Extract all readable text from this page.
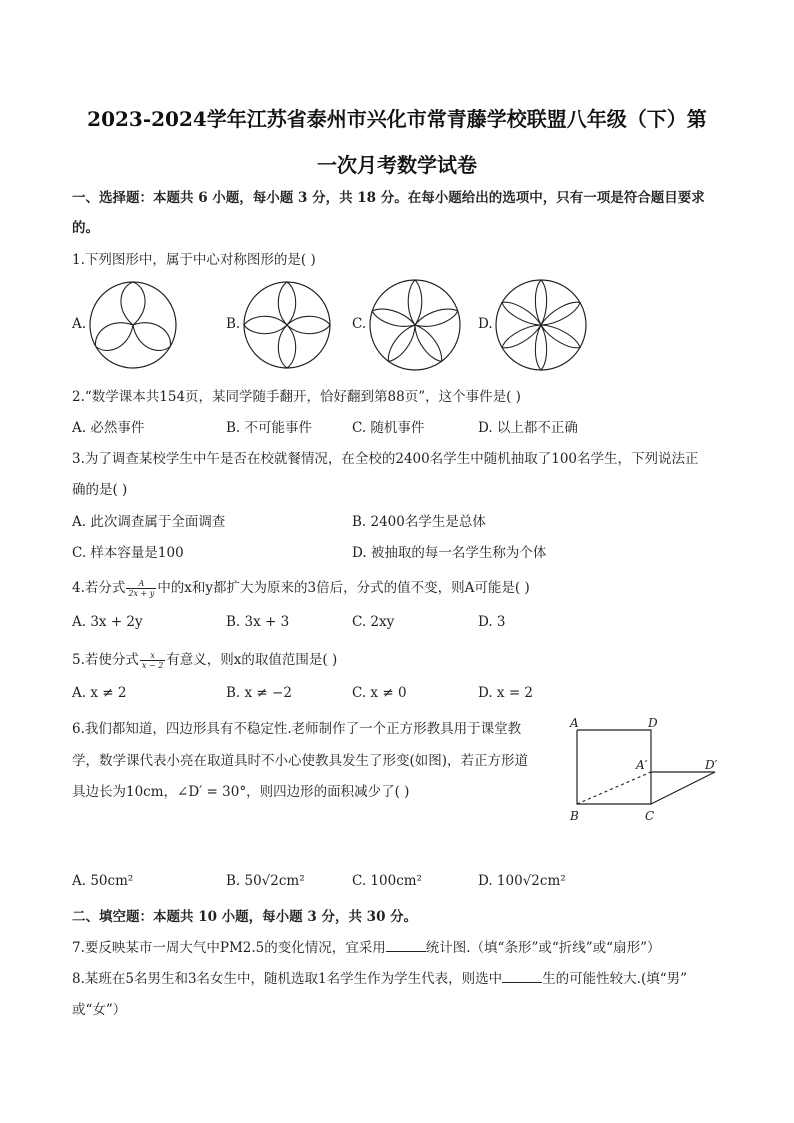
2023-2024学年江苏省泰州市兴化市常青藤学校联盟八年级（下）第
一次月考数学试卷
一、选择题：本题共 6 小题，每小题 3 分，共 18 分。在每小题给出的选项中，只有一项是符合题目要求
的。
1.下列图形中，属于中心对称图形的是( )
A.	B.	C.	D.
2.“数学课本共154页，某同学随手翻开，恰好翻到第88页”，这个事件是( )
A. 必然事件	B. 不可能事件	C. 随机事件	D. 以上都不正确
3.为了调查某校学生中午是否在校就餐情况，在全校的2400名学生中随机抽取了100名学生，下列说法正
确的是( )
A. 此次调查属于全面调查	B. 2400名学生是总体
C. 样本容量是100	D. 被抽取的每一名学生称为个体
4.若分式 $\frac{A}{2x + y}$ 中的x和y都扩大为原来的3倍后，分式的值不变，则A可能是( )
A. 3x + 2y	B. 3x + 3	C. 2xy	D. 3
5.若使分式 $\frac{x}{x - 2}$ 有意义，则x的取值范围是( )
A. x ≠ 2	B. x ≠ −2	C. x ≠ 0	D. x = 2
6.我们都知道，四边形具有不稳定性.老师制作了一个正方形教具用于课堂教
学，数学课代表小亮在取道具时不小心使教具发生了形变(如图)，若正方形道
具边长为10cm，∠D′ = 30°，则四边形的面积减少了( )
A	D
A′	D′
B	C
A. 50cm²	B. 50√2cm²	C. 100cm²	D. 100√2cm²
二、填空题：本题共 10 小题，每小题 3 分，共 30 分。
7.要反映某市一周大气中PM2.5的变化情况，宜采用	统计图.（填“条形”或“折线”或“扇形”）
8.某班在5名男生和3名女生中，随机选取1名学生作为学生代表，则选中	生的可能性较大.(填“男”
或“女”）
